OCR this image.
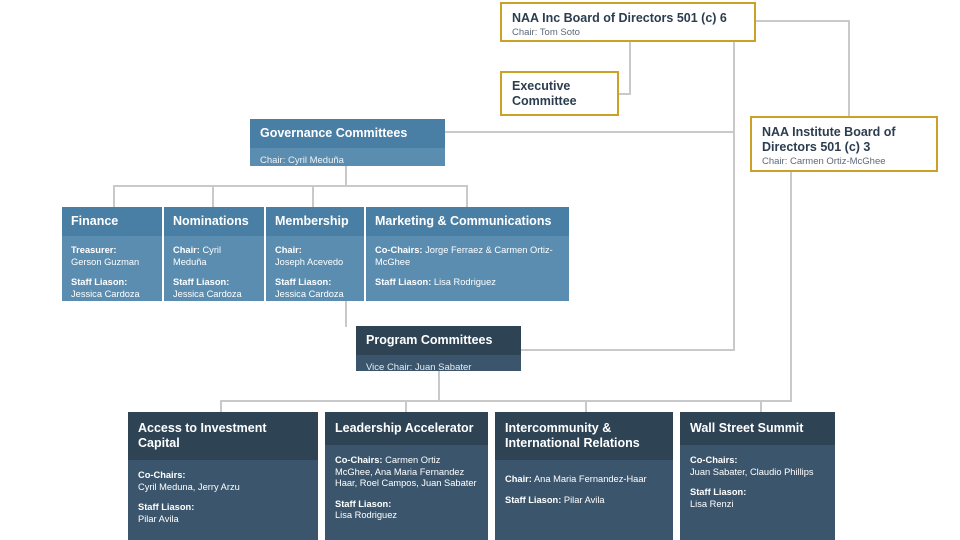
NAA Inc Board of Directors 501 (c) 6
Chair: Tom Soto
Executive Committee
NAA Institute Board of Directors 501 (c) 3
Chair: Carmen Ortiz-McGhee
Governance Committees
Chair: Cyril Meduña
Finance
Treasurer:
Gerson Guzman
Staff Liason:
Jessica Cardoza
Nominations
Chair: Cyril Meduña
Staff Liason:
Jessica Cardoza
Membership
Chair:
Joseph Acevedo
Staff Liason:
Jessica Cardoza
Marketing & Communications
Co-Chairs: Jorge Ferraez & Carmen Ortiz-McGhee
Staff Liason: Lisa Rodriguez
Program Committees
Vice Chair: Juan Sabater
Access to Investment Capital
Co-Chairs:
Cyril Meduna, Jerry Arzu
Staff Liason:
Pilar Avila
Leadership Accelerator
Co-Chairs: Carmen Ortiz McGhee, Ana Maria Fernandez Haar, Roel Campos, Juan Sabater
Staff Liason:
Lisa Rodriguez
Intercommunity & International Relations
Chair: Ana Maria Fernandez-Haar
Staff Liason: Pilar Avila
Wall Street Summit
Co-Chairs:
Juan Sabater, Claudio Phillips
Staff Liason:
Lisa Renzi
